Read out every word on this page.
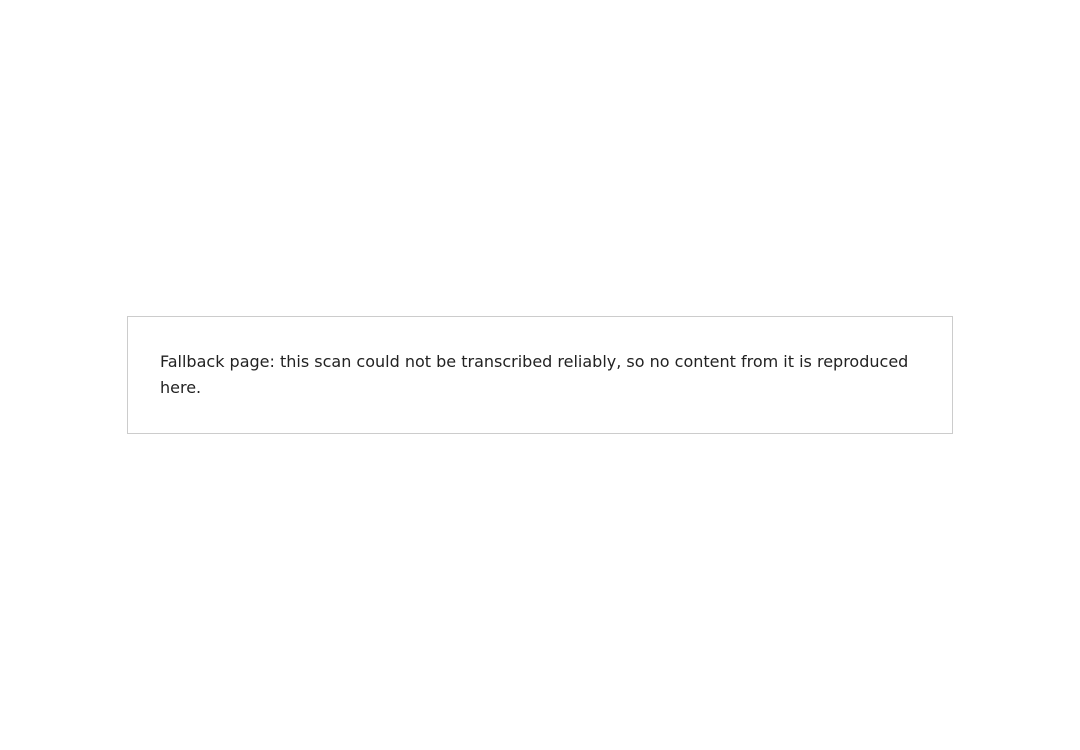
Fallback page: this scan could not be transcribed reliably, so no content from it is reproduced here.
